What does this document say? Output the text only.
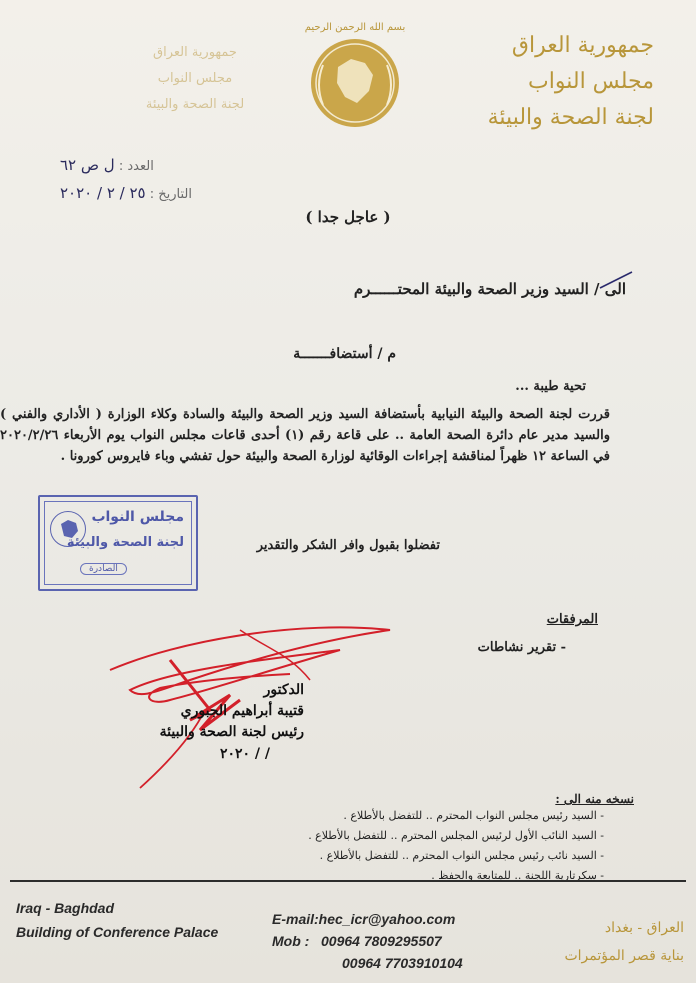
جمهورية العراق
مجلس النواب
لجنة الصحة والبيئة
بسم الله الرحمن الرحيم
جمهورية العراق
مجلس النواب
لجنة الصحة والبيئة
العدد : ل ص ٦٢
التاريخ : ٢٥ / ٢ / ٢٠٢٠
( عاجل جدا )
الى / السيد وزير الصحة والبيئة المحتــــــرم
م / أستضافـــــــة
تحية طيبة ...
قررت لجنة الصحة والبيئة النيابية بأستضافة السيد وزير الصحة والبيئة والسادة وكلاء الوزارة ( الأداري والفني ) والسيد مدير عام دائرة الصحة العامة .. على قاعة رقم (١) أحدى قاعات مجلس النواب يوم الأربعاء ٢٠٢٠/٢/٢٦ في الساعة ١٢ ظهراً لمناقشة إجراءات الوقائية لوزارة الصحة والبيئة حول تفشي وباء فايروس كورونا .
مجلس النواب
لجنة الصحة والبيئة
الصادرة
تفضلوا بقبول وافر الشكر والتقدير
المرفقات
- تقرير نشاطات
الدكتور
قتيبة أبراهيم الجبوري
رئيس لجنة الصحة والبيئة
/ / ٢٠٢٠
نسخه منه الى :
- السيد رئيس مجلس النواب المحترم .. للتفضل بالأطلاع .
- السيد النائب الأول لرئيس المجلس المحترم .. للتفضل بالأطلاع .
- السيد نائب رئيس مجلس النواب المحترم .. للتفضل بالأطلاع .
- سكرتارية اللجنة .. للمتابعة والحفظ .
Iraq - Baghdad
Building of Conference Palace
E-mail:hec_icr@yahoo.com
Mob : 00964 7809295507
00964 7703910104
العراق - بغداد
بناية قصر المؤتمرات
